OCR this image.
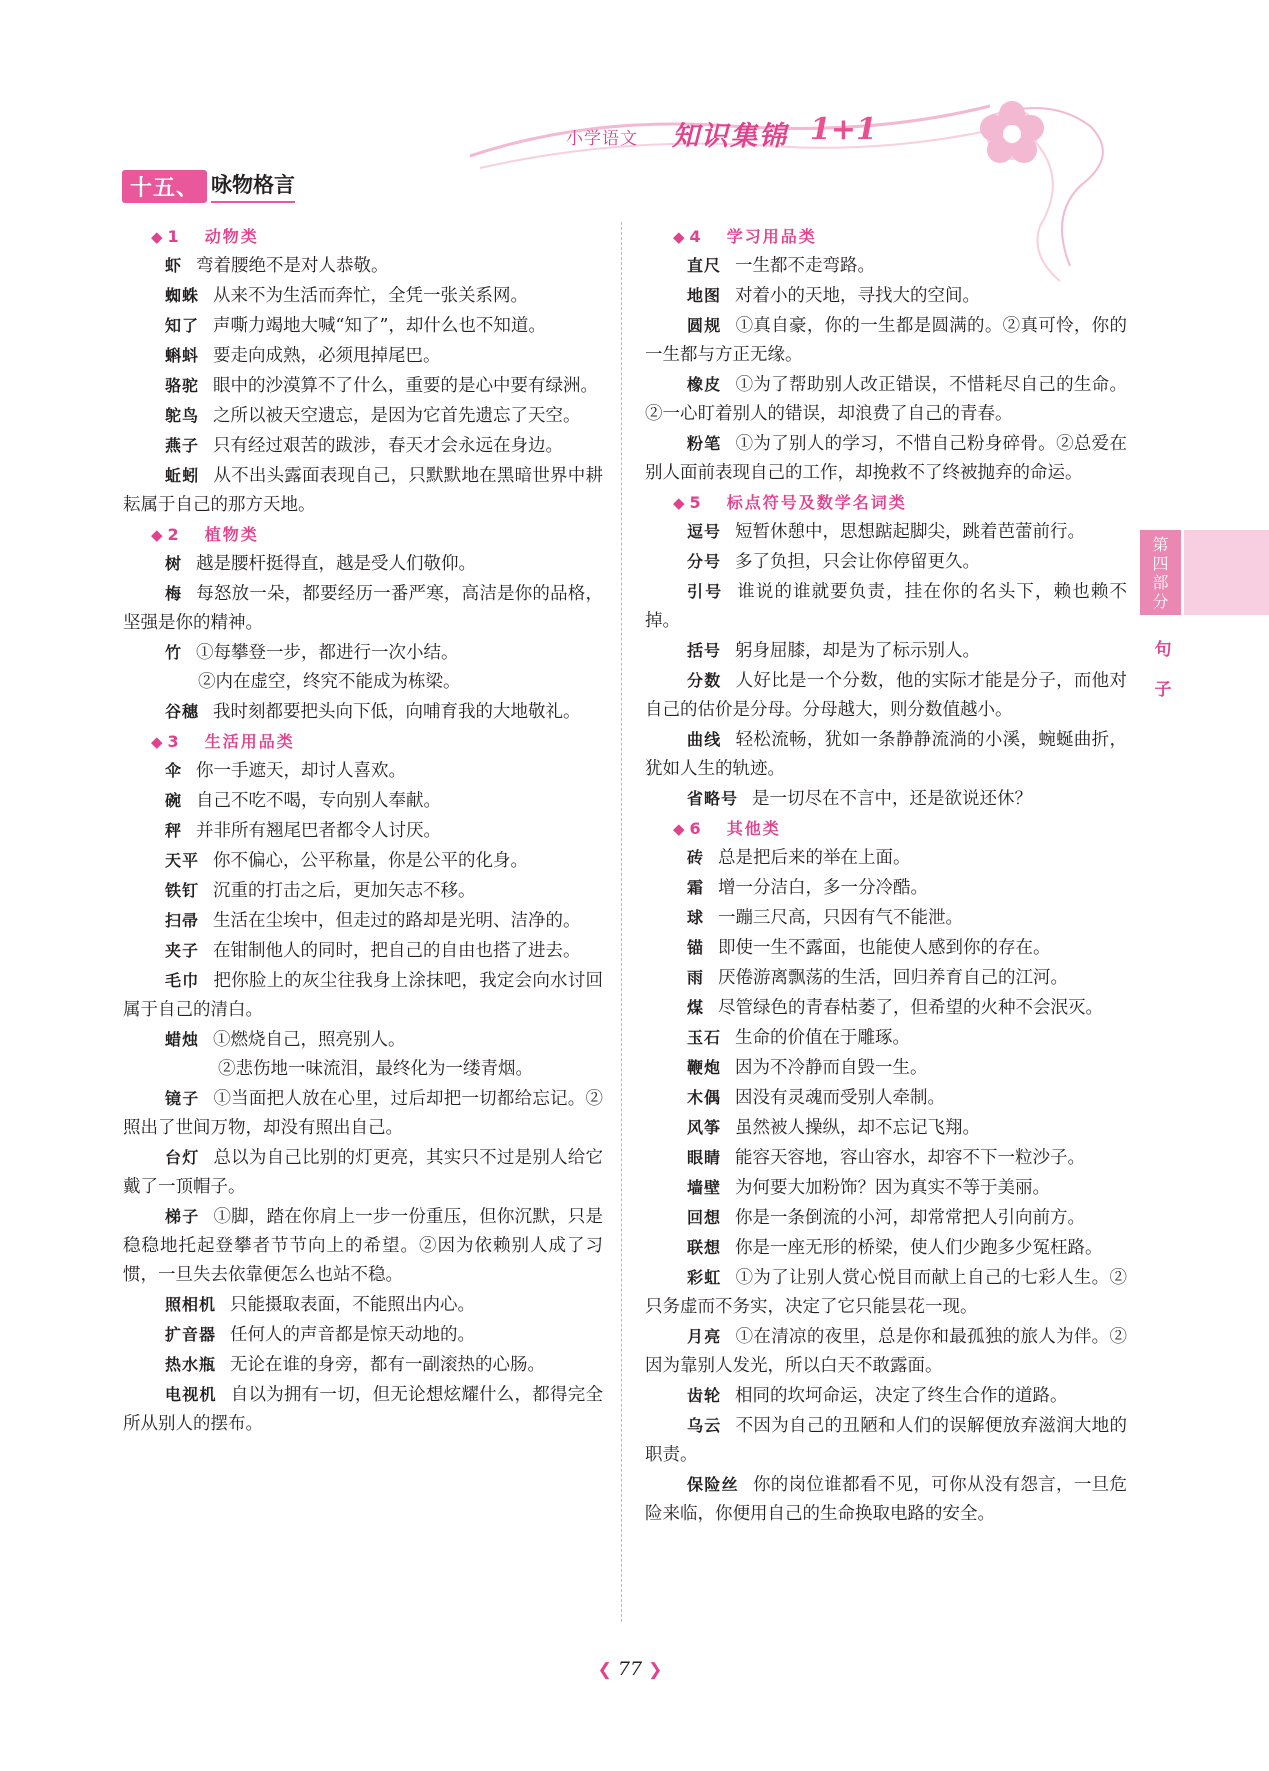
小学语文 知识集锦 1+1
十五、 咏物格言
◆ 1 动物类

虾 弯着腰绝不是对人恭敬。

蜘蛛 从来不为生活而奔忙，全凭一张关系网。

知了 声嘶力竭地大喊“知了”，却什么也不知道。

蝌蚪 要走向成熟，必须甩掉尾巴。

骆驼 眼中的沙漠算不了什么，重要的是心中要有绿洲。

鸵鸟 之所以被天空遗忘，是因为它首先遗忘了天空。

燕子 只有经过艰苦的跋涉，春天才会永远在身边。

蚯蚓 从不出头露面表现自己，只默默地在黑暗世界中耕耘属于自己的那方天地。

◆ 2 植物类

树 越是腰杆挺得直，越是受人们敬仰。

梅 每怒放一朵，都要经历一番严寒，高洁是你的品格，坚强是你的精神。

竹 ①每攀登一步，都进行一次小结。

②内在虚空，终究不能成为栋梁。

谷穗 我时刻都要把头向下低，向哺育我的大地敬礼。

◆ 3 生活用品类

伞 你一手遮天，却讨人喜欢。

碗 自己不吃不喝，专向别人奉献。

秤 并非所有翘尾巴者都令人讨厌。

天平 你不偏心，公平称量，你是公平的化身。

铁钉 沉重的打击之后，更加矢志不移。

扫帚 生活在尘埃中，但走过的路却是光明、洁净的。

夹子 在钳制他人的同时，把自己的自由也搭了进去。

毛巾 把你脸上的灰尘往我身上涂抹吧，我定会向水讨回属于自己的清白。

蜡烛 ①燃烧自己，照亮别人。

②悲伤地一味流泪，最终化为一缕青烟。

镜子 ①当面把人放在心里，过后却把一切都给忘记。②照出了世间万物，却没有照出自己。

台灯 总以为自己比别的灯更亮，其实只不过是别人给它戴了一顶帽子。

梯子 ①脚，踏在你肩上一步一份重压，但你沉默，只是稳稳地托起登攀者节节向上的希望。②因为依赖别人成了习惯，一旦失去依靠便怎么也站不稳。

照相机 只能摄取表面，不能照出内心。

扩音器 任何人的声音都是惊天动地的。

热水瓶 无论在谁的身旁，都有一副滚热的心肠。

电视机 自以为拥有一切，但无论想炫耀什么，都得完全所从别人的摆布。

◆ 4 学习用品类

直尺 一生都不走弯路。

地图 对着小的天地，寻找大的空间。

圆规 ①真自豪，你的一生都是圆满的。②真可怜，你的一生都与方正无缘。

橡皮 ①为了帮助别人改正错误，不惜耗尽自己的生命。②一心盯着别人的错误，却浪费了自己的青春。

粉笔 ①为了别人的学习，不惜自己粉身碎骨。②总爱在别人面前表现自己的工作，却挽救不了终被抛弃的命运。

◆ 5 标点符号及数学名词类

逗号 短暂休憩中，思想踮起脚尖，跳着芭蕾前行。

分号 多了负担，只会让你停留更久。

引号 谁说的谁就要负责，挂在你的名头下，赖也赖不掉。

括号 躬身屈膝，却是为了标示别人。

分数 人好比是一个分数，他的实际才能是分子，而他对自己的估价是分母。分母越大，则分数值越小。

曲线 轻松流畅，犹如一条静静流淌的小溪，蜿蜒曲折，犹如人生的轨迹。

省略号 是一切尽在不言中，还是欲说还休？

◆ 6 其他类

砖 总是把后来的举在上面。

霜 增一分洁白，多一分冷酷。

球 一蹦三尺高，只因有气不能泄。

锚 即使一生不露面，也能使人感到你的存在。

雨 厌倦游离飘荡的生活，回归养育自己的江河。

煤 尽管绿色的青春枯萎了，但希望的火种不会泯灭。

玉石 生命的价值在于雕琢。

鞭炮 因为不冷静而自毁一生。

木偶 因没有灵魂而受别人牵制。

风筝 虽然被人操纵，却不忘记飞翔。

眼睛 能容天容地，容山容水，却容不下一粒沙子。

墙壁 为何要大加粉饰？因为真实不等于美丽。

回想 你是一条倒流的小河，却常常把人引向前方。

联想 你是一座无形的桥梁，使人们少跑多少冤枉路。

彩虹 ①为了让别人赏心悦目而献上自己的七彩人生。②只务虚而不务实，决定了它只能昙花一现。

月亮 ①在清凉的夜里，总是你和最孤独的旅人为伴。②因为靠别人发光，所以白天不敢露面。

齿轮 相同的坎坷命运，决定了终生合作的道路。

乌云 不因为自己的丑陋和人们的误解便放弃滋润大地的职责。

保险丝 你的岗位谁都看不见，可你从没有怨言，一旦危险来临，你便用自己的生命换取电路的安全。

第
四
部
分
句
子
❮ 77 ❯
